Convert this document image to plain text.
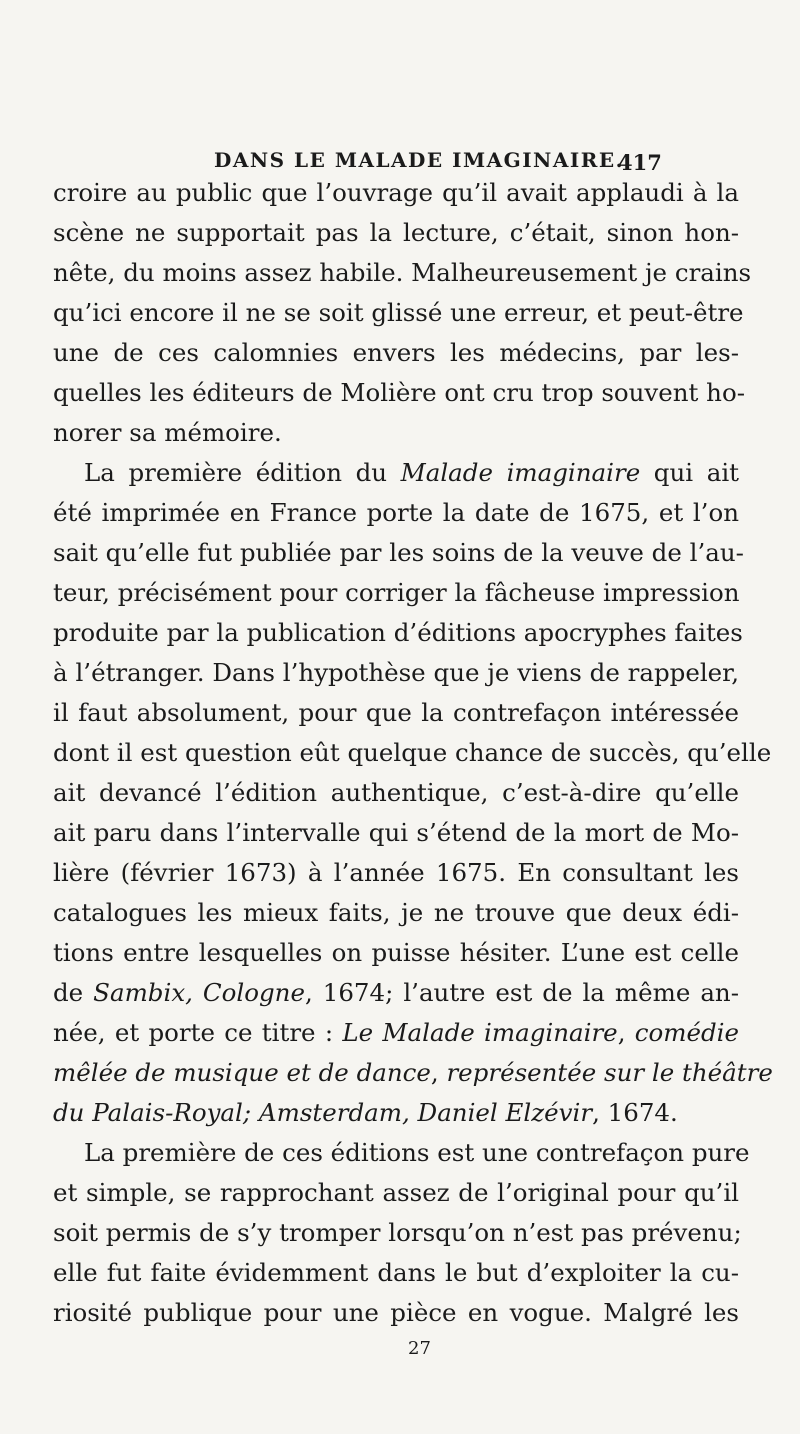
DANS LE MALADE IMAGINAIRE.
417
croire au public que l’ouvrage qu’il avait applaudi à la
scène ne supportait pas la lecture, c’était, sinon hon-
nête, du moins assez habile. Malheureusement je crains
qu’ici encore il ne se soit glissé une erreur, et peut-être
une de ces calomnies envers les médecins, par les-
quelles les éditeurs de Molière ont cru trop souvent ho-
norer sa mémoire.
La première édition du Malade imaginaire qui ait
été imprimée en France porte la date de 1675, et l’on
sait qu’elle fut publiée par les soins de la veuve de l’au-
teur, précisément pour corriger la fâcheuse impression
produite par la publication d’éditions apocryphes faites
à l’étranger. Dans l’hypothèse que je viens de rappeler,
il faut absolument, pour que la contrefaçon intéressée
dont il est question eût quelque chance de succès, qu’elle
ait devancé l’édition authentique, c’est-à-dire qu’elle
ait paru dans l’intervalle qui s’étend de la mort de Mo-
lière (février 1673) à l’année 1675. En consultant les
catalogues les mieux faits, je ne trouve que deux édi-
tions entre lesquelles on puisse hésiter. L’une est celle
de Sambix, Cologne, 1674; l’autre est de la même an-
née, et porte ce titre : Le Malade imaginaire, comédie
mêlée de musique et de dance, représentée sur le théâtre
du Palais-Royal; Amsterdam, Daniel Elzévir, 1674.
La première de ces éditions est une contrefaçon pure
et simple, se rapprochant assez de l’original pour qu’il
soit permis de s’y tromper lorsqu’on n’est pas prévenu;
elle fut faite évidemment dans le but d’exploiter la cu-
riosité publique pour une pièce en vogue. Malgré les
27
